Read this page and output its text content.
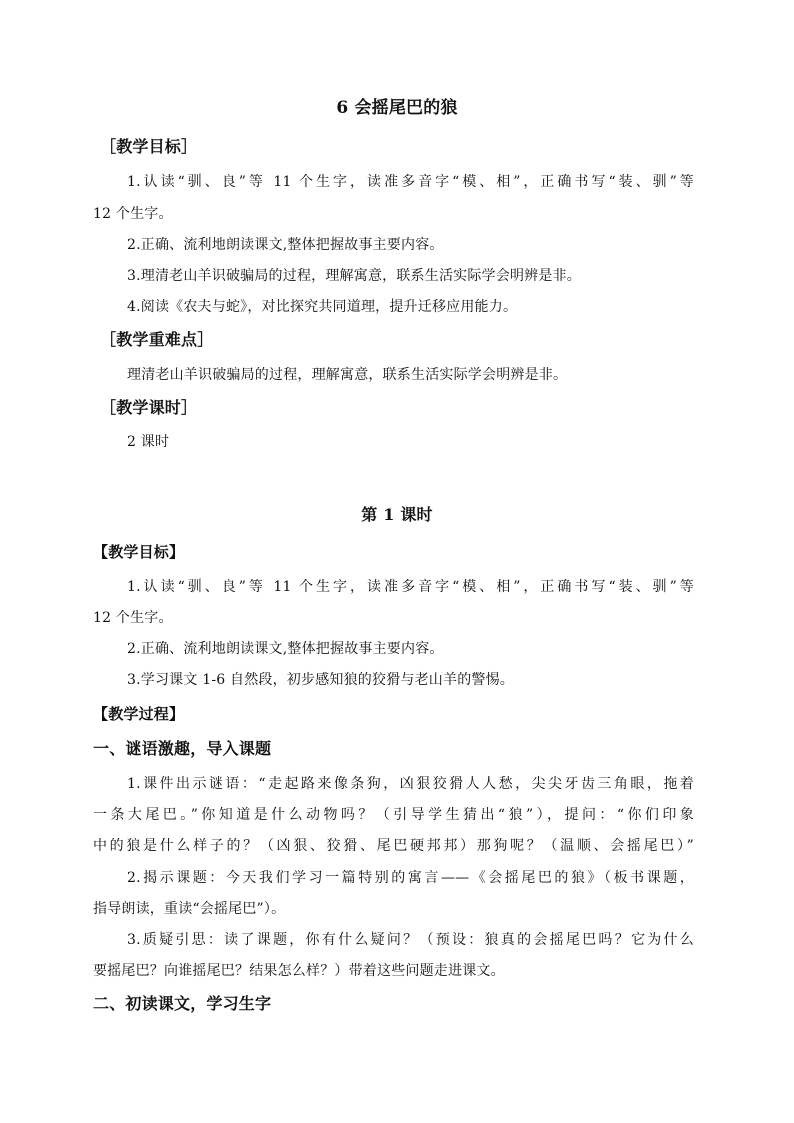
6 会摇尾巴的狼
［教学目标］
1.认读“驯、良”等 11 个生字，读准多音字“模、相”，正确书写“装、驯”等
12 个生字。
2.正确、流利地朗读课文,整体把握故事主要内容。
3.理清老山羊识破骗局的过程，理解寓意，联系生活实际学会明辨是非。
4.阅读《农夫与蛇》，对比探究共同道理，提升迁移应用能力。
［教学重难点］
理清老山羊识破骗局的过程，理解寓意，联系生活实际学会明辨是非。
［教学课时］
2 课时
第 1 课时
【教学目标】
1.认读“驯、良”等 11 个生字，读准多音字“模、相”，正确书写“装、驯”等
12 个生字。
2.正确、流利地朗读课文,整体把握故事主要内容。
3.学习课文 1-6 自然段，初步感知狼的狡猾与老山羊的警惕。
【教学过程】
一、谜语激趣，导入课题
1.课件出示谜语：“走起路来像条狗，凶狠狡猾人人愁，尖尖牙齿三角眼，拖着
一条大尾巴。”你知道是什么动物吗？（引导学生猜出“狼”），提问：“你们印象
中的狼是什么样子的？（凶狠、狡猾、尾巴硬邦邦）那狗呢？（温顺、会摇尾巴）”
2.揭示课题：今天我们学习一篇特别的寓言——《会摇尾巴的狼》（板书课题，
指导朗读，重读“会摇尾巴”）。
3.质疑引思：读了课题，你有什么疑问？（预设：狼真的会摇尾巴吗？它为什么
要摇尾巴？向谁摇尾巴？结果怎么样？）带着这些问题走进课文。
二、初读课文，学习生字
